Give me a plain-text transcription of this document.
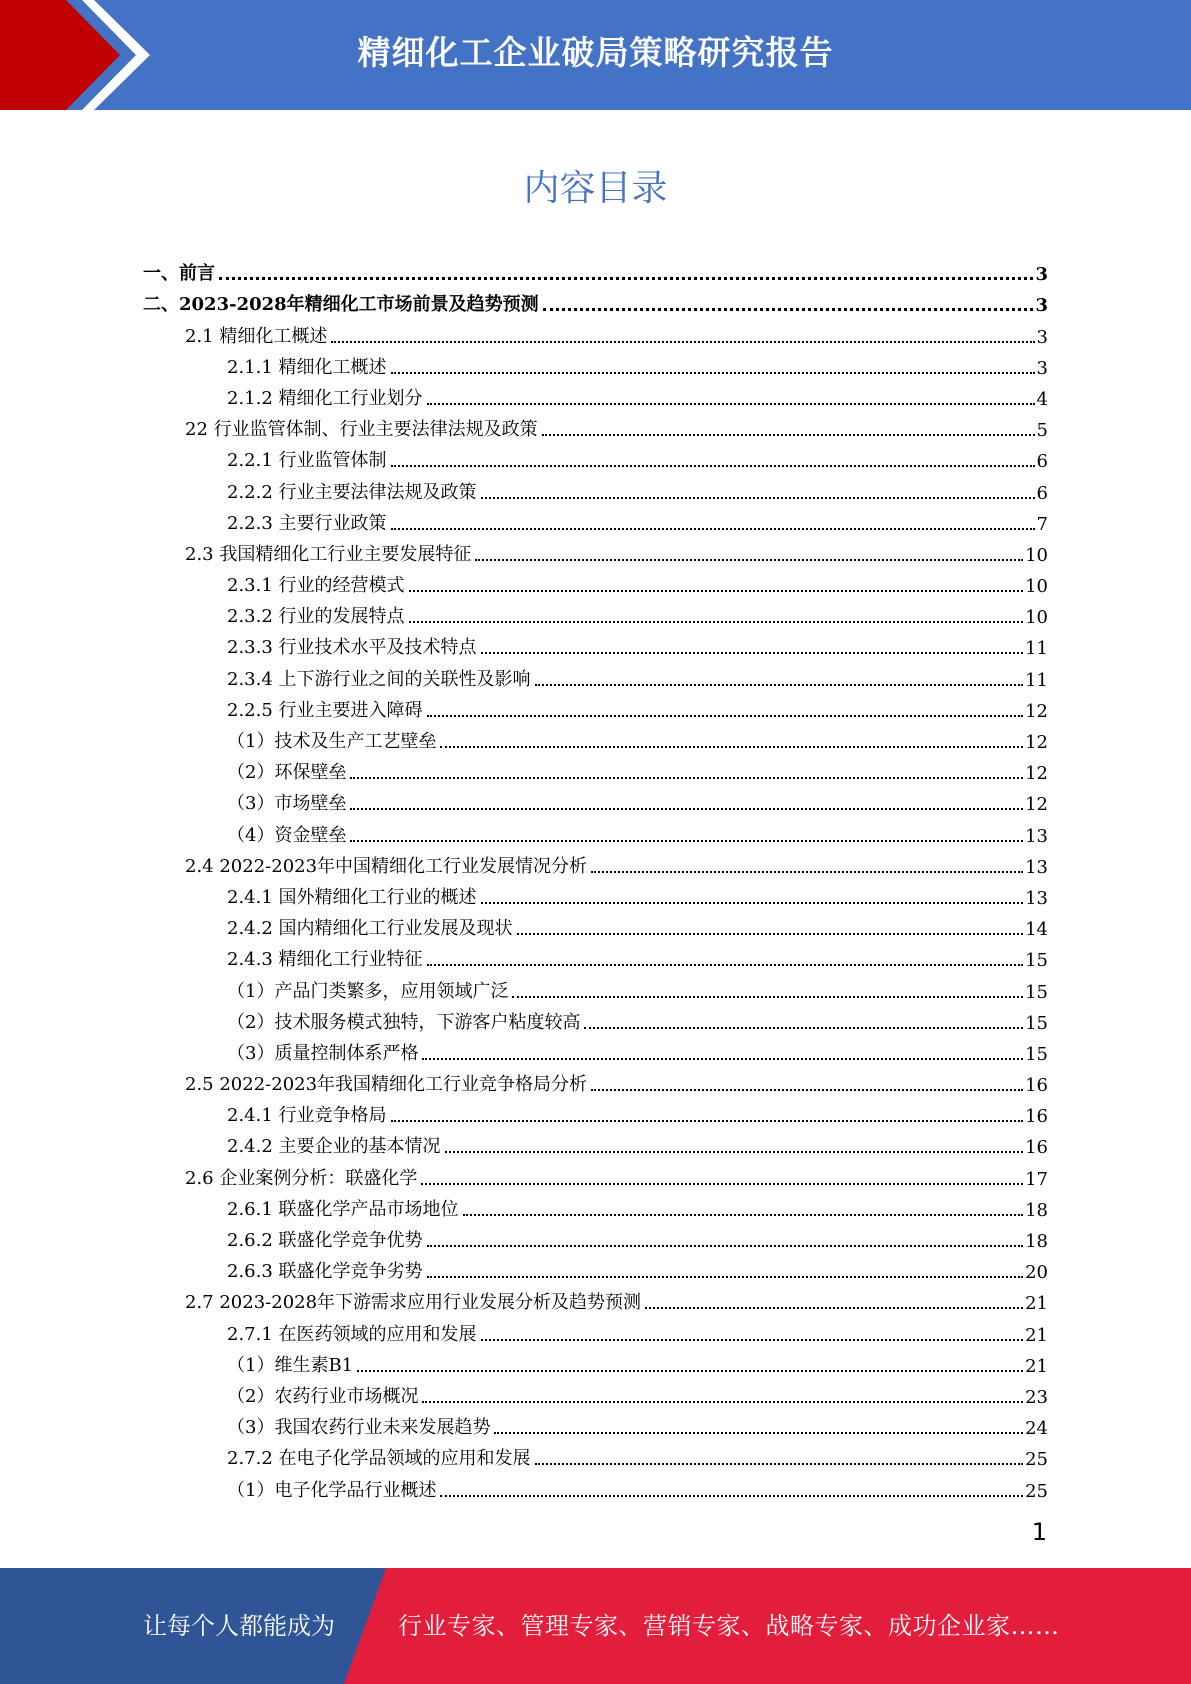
精细化工企业破局策略研究报告
内容目录
一、前言	3
二、2023-2028年精细化工市场前景及趋势预测	3
2.1 精细化工概述	3
2.1.1 精细化工概述	3
2.1.2 精细化工行业划分	4
22 行业监管体制、行业主要法律法规及政策	5
2.2.1 行业监管体制	6
2.2.2 行业主要法律法规及政策	6
2.2.3 主要行业政策	7
2.3 我国精细化工行业主要发展特征	10
2.3.1 行业的经营模式	10
2.3.2 行业的发展特点	10
2.3.3 行业技术水平及技术特点	11
2.3.4 上下游行业之间的关联性及影响	11
2.2.5 行业主要进入障碍	12
（1）技术及生产工艺壁垒	12
（2）环保壁垒	12
（3）市场壁垒	12
（4）资金壁垒	13
2.4 2022-2023年中国精细化工行业发展情况分析	13
2.4.1 国外精细化工行业的概述	13
2.4.2 国内精细化工行业发展及现状	14
2.4.3 精细化工行业特征	15
（1）产品门类繁多，应用领域广泛	15
（2）技术服务模式独特，下游客户粘度较高	15
（3）质量控制体系严格	15
2.5 2022-2023年我国精细化工行业竞争格局分析	16
2.4.1 行业竞争格局	16
2.4.2 主要企业的基本情况	16
2.6 企业案例分析：联盛化学	17
2.6.1 联盛化学产品市场地位	18
2.6.2 联盛化学竞争优势	18
2.6.3 联盛化学竞争劣势	20
2.7 2023-2028年下游需求应用行业发展分析及趋势预测	21
2.7.1 在医药领域的应用和发展	21
（1）维生素B1	21
（2）农药行业市场概况	23
（3）我国农药行业未来发展趋势	24
2.7.2 在电子化学品领域的应用和发展	25
（1）电子化学品行业概述	25
1
让每个人都能成为	行业专家、管理专家、营销专家、战略专家、成功企业家……
